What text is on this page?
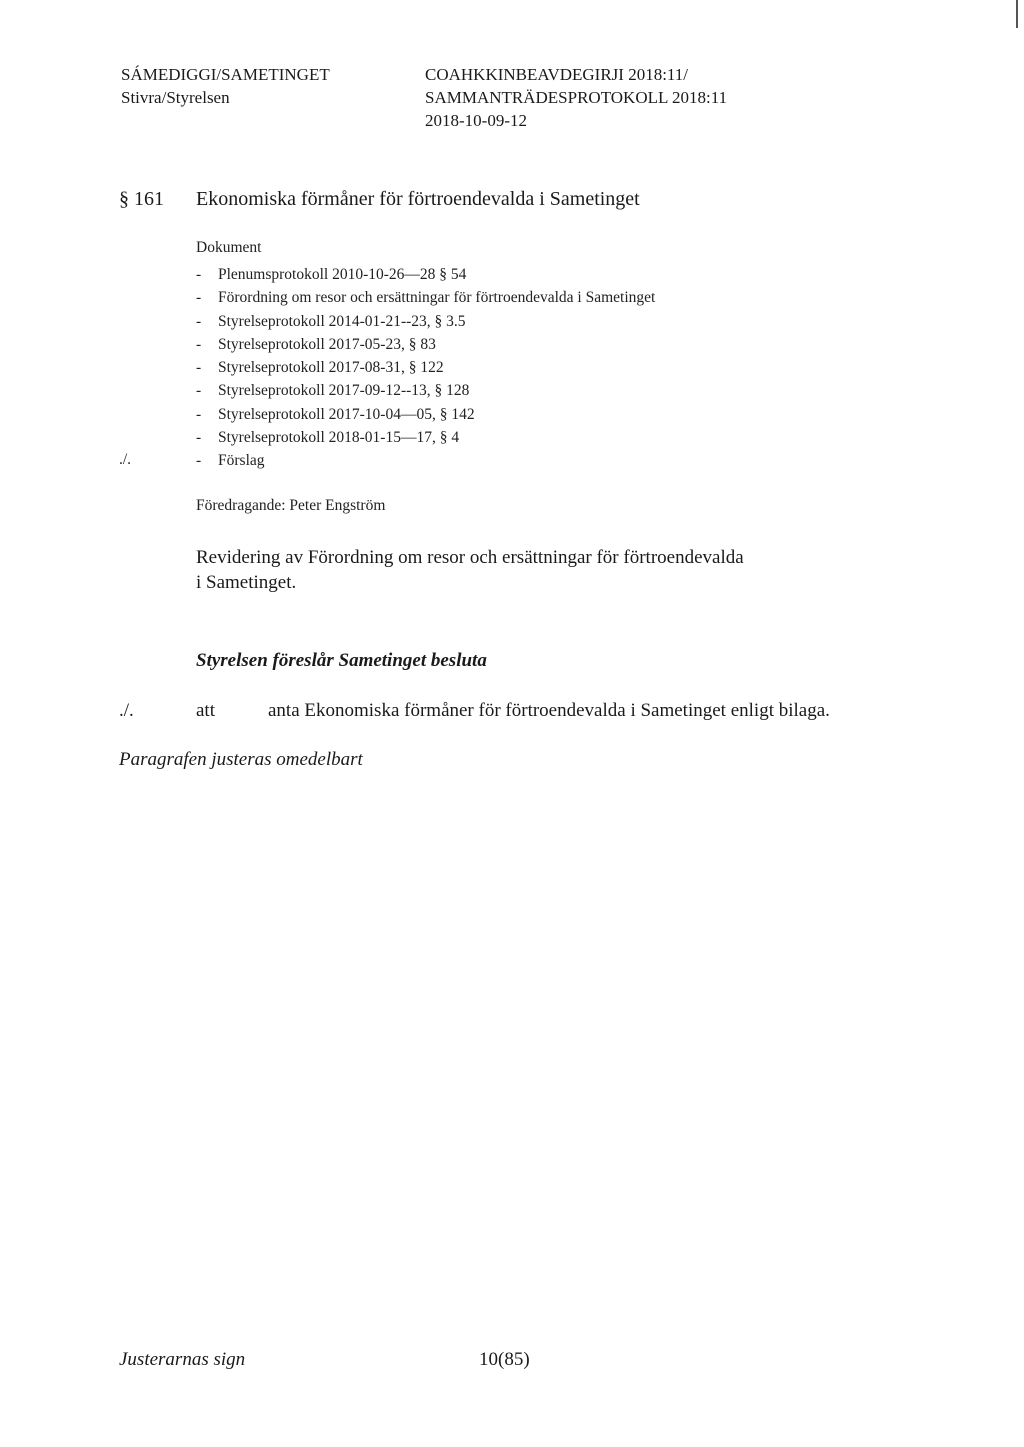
SÁMEDIGGI/SAMETINGET
Stivra/Styrelsen
COAHKKINBEAVDEGIRJI 2018:11/
SAMMANTRÄDESPROTOKOLL 2018:11
2018-10-09-12
§ 161 Ekonomiska förmåner för förtroendevalda i Sametinget
Dokument
- Plenumsprotokoll 2010-10-26—28 § 54
- Förordning om resor och ersättningar för förtroendevalda i Sametinget
- Styrelseprotokoll 2014-01-21--23, § 3.5
- Styrelseprotokoll 2017-05-23, § 83
- Styrelseprotokoll 2017-08-31, § 122
- Styrelseprotokoll 2017-09-12--13, § 128
- Styrelseprotokoll 2017-10-04—05, § 142
- Styrelseprotokoll 2018-01-15—17, § 4
- Förslag
./.
Föredragande: Peter Engström
Revidering av Förordning om resor och ersättningar för förtroendevalda
i Sametinget.
Styrelsen föreslår Sametinget besluta
./.	att	anta Ekonomiska förmåner för förtroendevalda i Sametinget enligt bilaga.
Paragrafen justeras omedelbart
Justerarnas sign	10(85)
